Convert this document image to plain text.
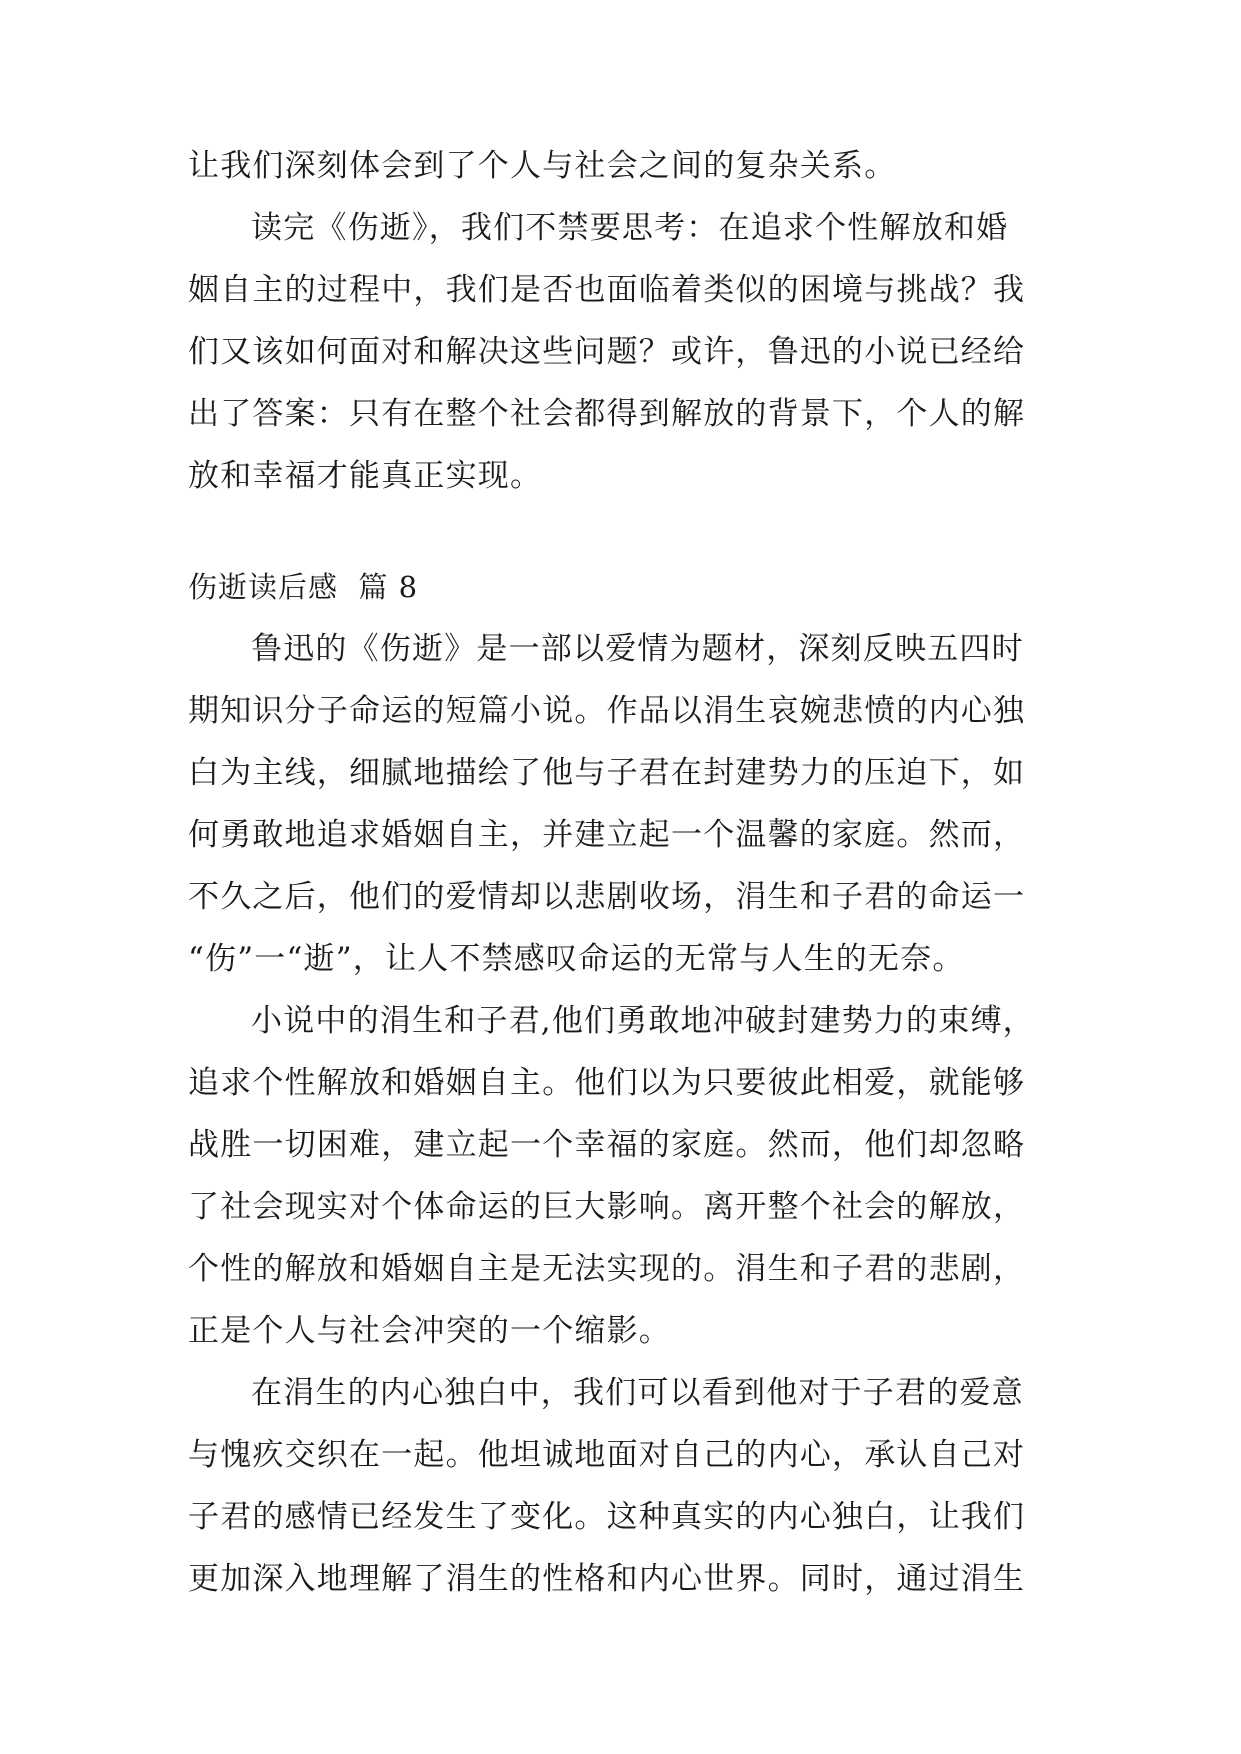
让我们深刻体会到了个人与社会之间的复杂关系。
读完《伤逝》，我们不禁要思考：在追求个性解放和婚
姻自主的过程中，我们是否也面临着类似的困境与挑战？我
们又该如何面对和解决这些问题？或许，鲁迅的小说已经给
出了答案：只有在整个社会都得到解放的背景下，个人的解
放和幸福才能真正实现。
伤逝读后感  篇 8
鲁迅的《伤逝》是一部以爱情为题材，深刻反映五四时
期知识分子命运的短篇小说。作品以涓生哀婉悲愤的内心独
白为主线，细腻地描绘了他与子君在封建势力的压迫下，如
何勇敢地追求婚姻自主，并建立起一个温馨的家庭。然而，
不久之后，他们的爱情却以悲剧收场，涓生和子君的命运一
“伤”一“逝”，让人不禁感叹命运的无常与人生的无奈。
小说中的涓生和子君,他们勇敢地冲破封建势力的束缚，
追求个性解放和婚姻自主。他们以为只要彼此相爱，就能够
战胜一切困难，建立起一个幸福的家庭。然而，他们却忽略
了社会现实对个体命运的巨大影响。离开整个社会的解放，
个性的解放和婚姻自主是无法实现的。涓生和子君的悲剧，
正是个人与社会冲突的一个缩影。
在涓生的内心独白中，我们可以看到他对于子君的爱意
与愧疚交织在一起。他坦诚地面对自己的内心，承认自己对
子君的感情已经发生了变化。这种真实的内心独白，让我们
更加深入地理解了涓生的性格和内心世界。同时，通过涓生
